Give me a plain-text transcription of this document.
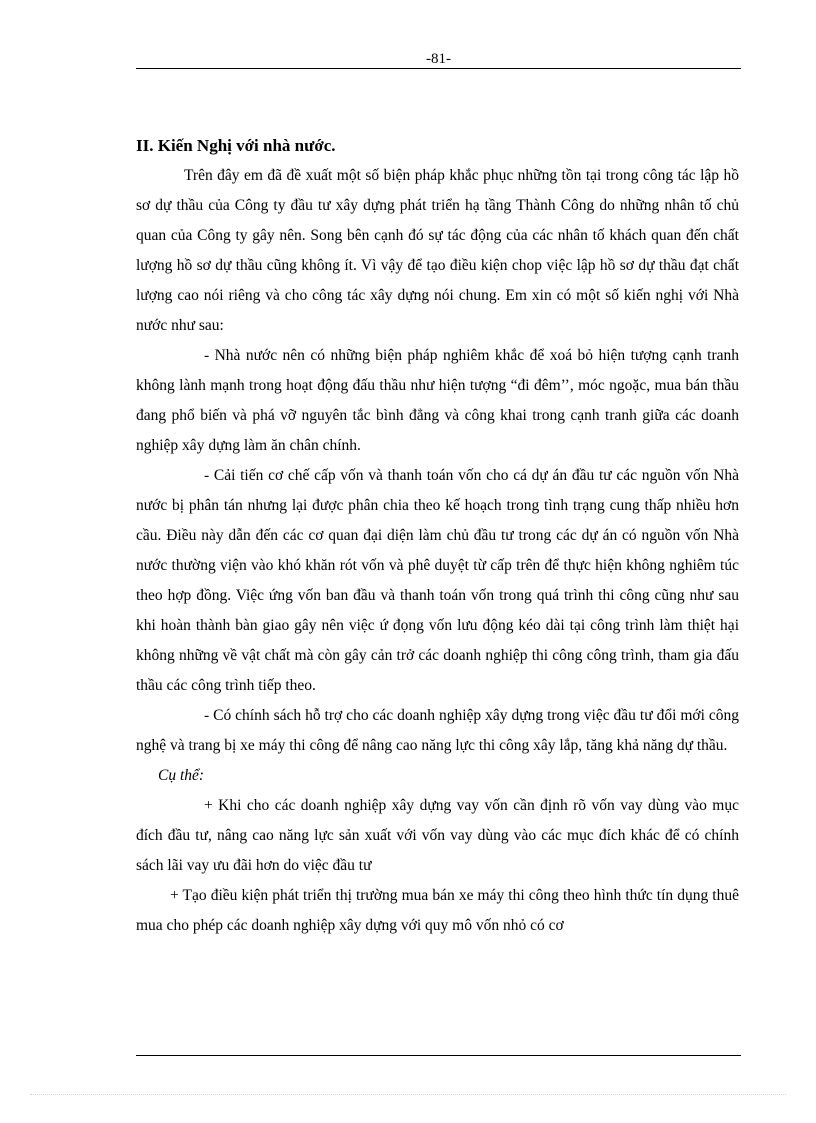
-81-
II. Kiến Nghị với nhà nước.

Trên đây em đã đề xuất một số biện pháp khắc phục những tồn tại trong công tác lập hồ sơ dự thầu của Công ty đầu tư xây dựng phát triển hạ tầng Thành Công do những nhân tố chủ quan của Công ty gây nên. Song bên cạnh đó sự tác động của các nhân tố khách quan đến chất lượng hồ sơ dự thầu cũng không ít. Vì vậy để tạo điều kiện chop việc lập hồ sơ dự thầu đạt chất lượng cao nói riêng và cho công tác xây dựng nói chung. Em xin có một số kiến nghị với Nhà nước như sau:

- Nhà nước nên có những biện pháp nghiêm khắc để xoá bỏ hiện tượng cạnh tranh không lành mạnh trong hoạt động đấu thầu như hiện tượng “đi đêm’’, móc ngoặc, mua bán thầu đang phổ biến và phá vỡ nguyên tắc bình đẳng và công khai trong cạnh tranh giữa các doanh nghiệp xây dựng làm ăn chân chính.

- Cải tiến cơ chế cấp vốn và thanh toán vốn cho cá dự án đầu tư các nguồn vốn Nhà nước bị phân tán nhưng lại được phân chia theo kế hoạch trong tình trạng cung thấp nhiều hơn cầu. Điều này dẫn đến các cơ quan đại diện làm chủ đầu tư trong các dự án có nguồn vốn Nhà nước thường viện vào khó khăn rót vốn và phê duyệt từ cấp trên để thực hiện không nghiêm túc theo hợp đồng. Việc ứng vốn ban đầu và thanh toán vốn trong quá trình thi công cũng như sau khi hoàn thành bàn giao gây nên việc ứ đọng vốn lưu động kéo dài tại công trình làm thiệt hại không những về vật chất mà còn gây cản trở các doanh nghiệp thi công công trình, tham gia đấu thầu các công trình tiếp theo.

- Có chính sách hỗ trợ cho các doanh nghiệp xây dựng trong việc đầu tư đổi mới công nghệ và trang bị xe máy thi công để nâng cao năng lực thi công xây lắp, tăng khả năng dự thầu.

Cụ thể:

+ Khi cho các doanh nghiệp xây dựng vay vốn cần định rõ vốn vay dùng vào mục đích đầu tư, nâng cao năng lực sản xuất với vốn vay dùng vào các mục đích khác để có chính sách lãi vay ưu đãi hơn do việc đầu tư

+ Tạo điều kiện phát triển thị trường mua bán xe máy thi công theo hình thức tín dụng thuê mua cho phép các doanh nghiệp xây dựng với quy mô vốn nhỏ có cơ
